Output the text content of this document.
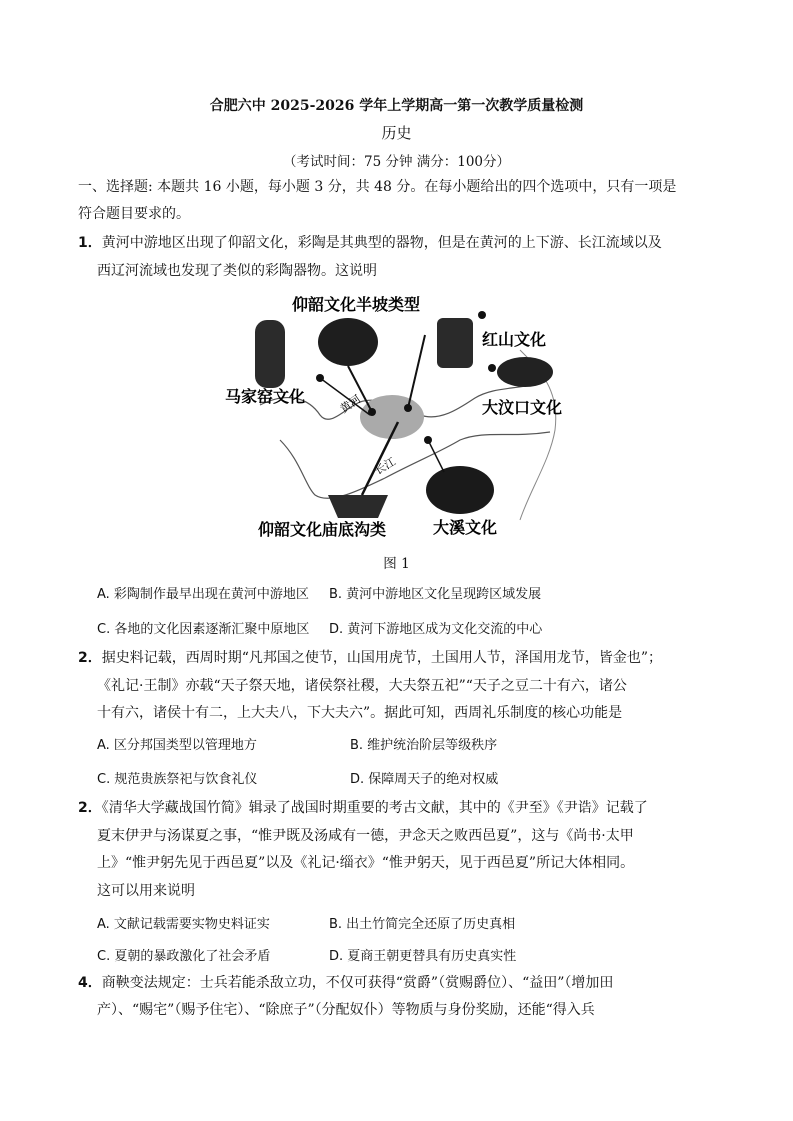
合肥六中 2025-2026 学年上学期高一第一次教学质量检测
历史
（考试时间：75 分钟 满分：100分）
一、选择题: 本题共 16 小题，每小题 3 分，共 48 分。在每小题给出的四个选项中，只有一项是
符合题目要求的。
1．黄河中游地区出现了仰韶文化，彩陶是其典型的器物，但是在黄河的上下游、长江流域以及
西辽河流域也发现了类似的彩陶器物。这说明
仰韶文化半坡类型
红山文化
马家窑文化
大汶口文化
黄河
长江
仰韶文化庙底沟类	大溪文化
图 1
A. 彩陶制作最早出现在黄河中游地区 B. 黄河中游地区文化呈现跨区域发展
C. 各地的文化因素逐渐汇聚中原地区 D. 黄河下游地区成为文化交流的中心
2．据史料记载，西周时期“凡邦国之使节，山国用虎节，土国用人节，泽国用龙节，皆金也”；
《礼记·王制》亦载“天子祭天地，诸侯祭社稷，大夫祭五祀”“天子之豆二十有六，诸公
十有六，诸侯十有二，上大夫八，下大夫六”。据此可知，西周礼乐制度的核心功能是
A. 区分邦国类型以管理地方	B. 维护统治阶层等级秩序
C. 规范贵族祭祀与饮食礼仪	D. 保障周天子的绝对权威
2．《清华大学藏战国竹简》辑录了战国时期重要的考古文献，其中的《尹至》《尹诰》记载了
夏末伊尹与汤谋夏之事，“惟尹既及汤咸有一德，尹念天之败西邑夏”，这与《尚书·太甲
上》“惟尹躬先见于西邑夏”以及《礼记·缁衣》“惟尹躬天，见于西邑夏”所记大体相同。
这可以用来说明
A. 文献记载需要实物史料证实	B. 出土竹简完全还原了历史真相
C. 夏朝的暴政激化了社会矛盾	D. 夏商王朝更替具有历史真实性
4．商鞅变法规定：士兵若能杀敌立功，不仅可获得“赏爵”（赏赐爵位）、“益田”（增加田
产）、“赐宅”（赐予住宅）、“除庶子”（分配奴仆）等物质与身份奖励，还能“得入兵
